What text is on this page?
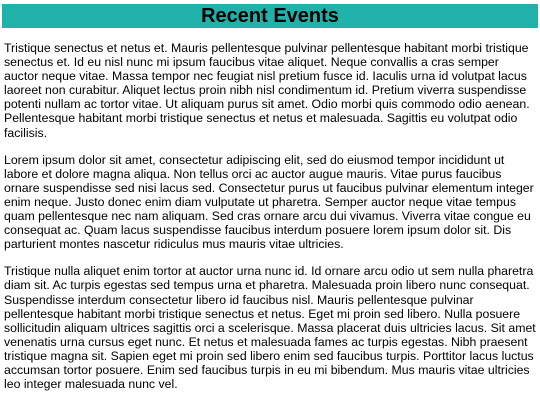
Recent Events

Tristique senectus et netus et. Mauris pellentesque pulvinar pellentesque habitant morbi tristique senectus et. Id eu nisl nunc mi ipsum faucibus vitae aliquet. Neque convallis a cras semper auctor neque vitae. Massa tempor nec feugiat nisl pretium fusce id. Iaculis urna id volutpat lacus laoreet non curabitur. Aliquet lectus proin nibh nisl condimentum id. Pretium viverra suspendisse potenti nullam ac tortor vitae. Ut aliquam purus sit amet. Odio morbi quis commodo odio aenean. Pellentesque habitant morbi tristique senectus et netus et malesuada. Sagittis eu volutpat odio facilisis.

Lorem ipsum dolor sit amet, consectetur adipiscing elit, sed do eiusmod tempor incididunt ut labore et dolore magna aliqua. Non tellus orci ac auctor augue mauris. Vitae purus faucibus ornare suspendisse sed nisi lacus sed. Consectetur purus ut faucibus pulvinar elementum integer enim neque. Justo donec enim diam vulputate ut pharetra. Semper auctor neque vitae tempus quam pellentesque nec nam aliquam. Sed cras ornare arcu dui vivamus. Viverra vitae congue eu consequat ac. Quam lacus suspendisse faucibus interdum posuere lorem ipsum dolor sit. Dis parturient montes nascetur ridiculus mus mauris vitae ultricies.

Tristique nulla aliquet enim tortor at auctor urna nunc id. Id ornare arcu odio ut sem nulla pharetra diam sit. Ac turpis egestas sed tempus urna et pharetra. Malesuada proin libero nunc consequat. Suspendisse interdum consectetur libero id faucibus nisl. Mauris pellentesque pulvinar pellentesque habitant morbi tristique senectus et netus. Eget mi proin sed libero. Nulla posuere sollicitudin aliquam ultrices sagittis orci a scelerisque. Massa placerat duis ultricies lacus. Sit amet venenatis urna cursus eget nunc. Et netus et malesuada fames ac turpis egestas. Nibh praesent tristique magna sit. Sapien eget mi proin sed libero enim sed faucibus turpis. Porttitor lacus luctus accumsan tortor posuere. Enim sed faucibus turpis in eu mi bibendum. Mus mauris vitae ultricies leo integer malesuada nunc vel.
